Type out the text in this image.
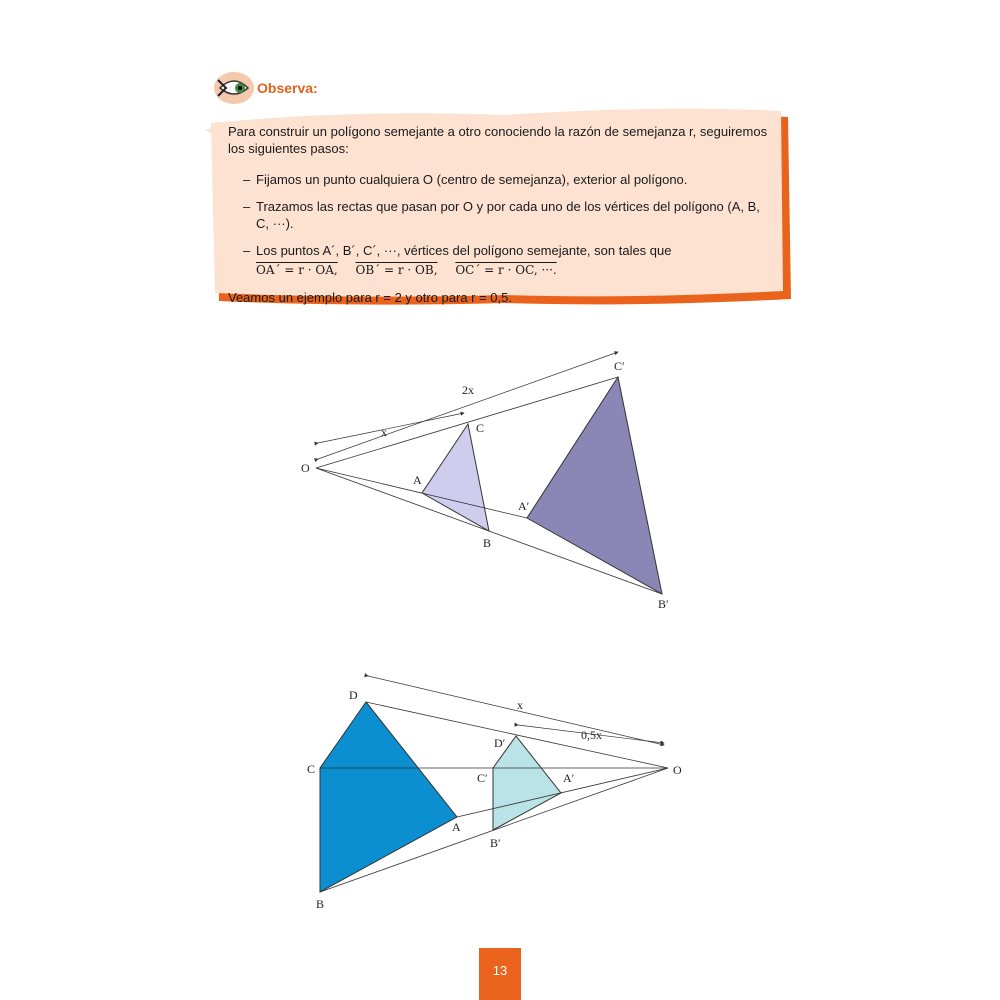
Observa:

Para construir un polígono semejante a otro conociendo la razón de semejanza r, seguiremos los siguientes pasos:

– Fijamos un punto cualquiera O (centro de semejanza), exterior al polígono.
– Trazamos las rectas que pasan por O y por cada uno de los vértices del polígono (A, B, C, ···).
– Los puntos A´, B´, C´, ···, vértices del polígono semejante, son tales que
OA´ = r · OA, OB´ = r · OB, OC´ = r · OC, ···.

Veamos un ejemplo para r = 2 y otro para r = 0,5.

O
A
B
C
A′
B′
C′
x
2x
O
A
B
C
D
A′
B′
C′
D′
x
0,5x
13
